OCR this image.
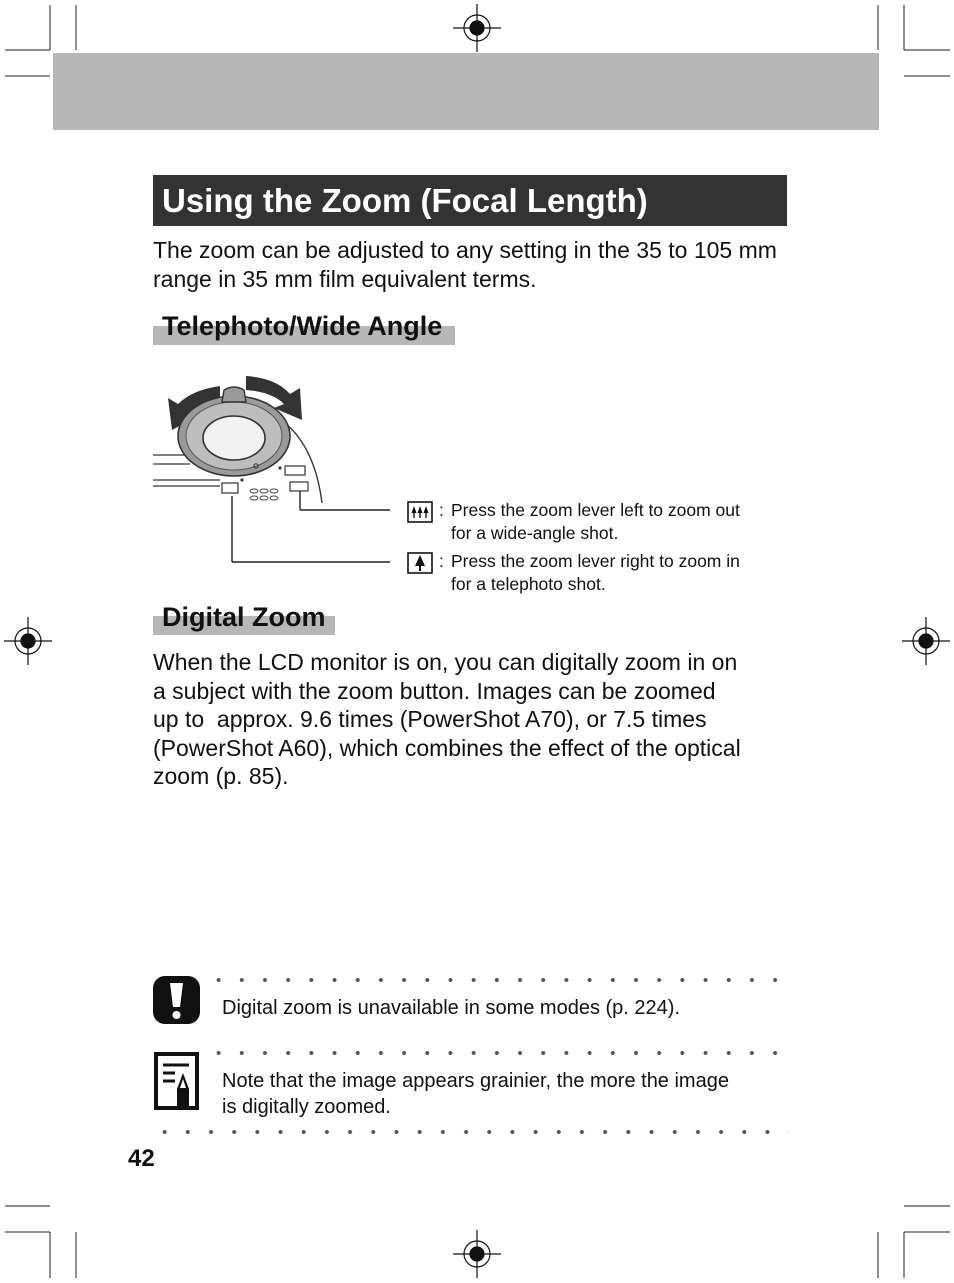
Using the Zoom (Focal Length)
The zoom can be adjusted to any setting in the 35 to 105 mm range in 35 mm film equivalent terms.
Telephoto/Wide Angle
: Press the zoom lever left to zoom out
for a wide-angle shot.
: Press the zoom lever right to zoom in
for a telephoto shot.
Digital Zoom
When the LCD monitor is on, you can digitally zoom in on
a subject with the zoom button. Images can be zoomed
up to  approx. 9.6 times (PowerShot A70), or 7.5 times
(PowerShot A60), which combines the effect of the optical
zoom (p. 85).
Digital zoom is unavailable in some modes (p. 224).
Note that the image appears grainier, the more the image
is digitally zoomed.
42
